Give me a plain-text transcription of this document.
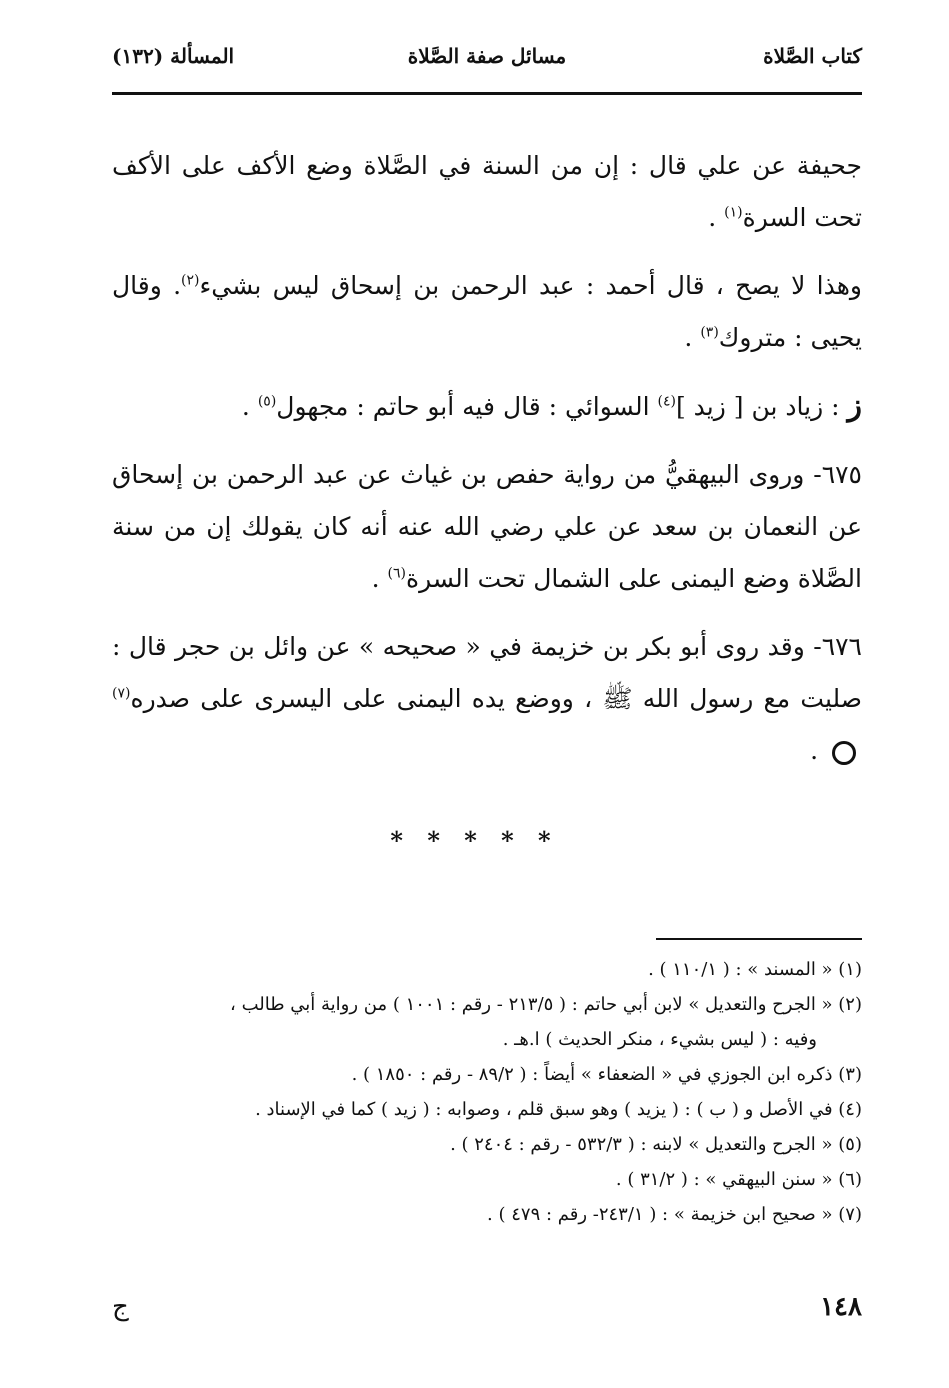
كتاب الصَّلاة
مسائل صفة الصَّلاة
المسألة (١٣٢)

جحيفة عن علي قال : إن من السنة في الصَّلاة وضع الأكف على الأكف تحت السرة$^{(١)}$ .

وهذا لا يصح ، قال أحمد : عبد الرحمن بن إسحاق ليس بشيء$^{(٢)}$. وقال يحيى : متروك$^{(٣)}$ .

ز : زياد بن [ زيد ]$^{(٤)}$ السوائي : قال فيه أبو حاتم : مجهول$^{(٥)}$ .

٦٧٥- وروى البيهقيُّ من رواية حفص بن غياث عن عبد الرحمن بن إسحاق عن النعمان بن سعد عن علي رضي الله عنه أنه كان يقولك إن من سنة الصَّلاة وضع اليمنى على الشمال تحت السرة$^{(٦)}$ .

٦٧٦- وقد روى أبو بكر بن خزيمة في « صحيحه » عن وائل بن حجر قال : صليت مع رسول الله ﷺ ، ووضع يده اليمنى على اليسرى على صدره$^{(٧)}$ .

* * * * *

(١) « المسند » : ( ١١٠/١ ) .

(٢) « الجرح والتعديل » لابن أبي حاتم : ( ٢١٣/٥ - رقم : ١٠٠١ ) من رواية أبي طالب ،

وفيه : ( ليس بشيء ، منكر الحديث ) ا.هـ .

(٣) ذكره ابن الجوزي في « الضعفاء » أيضاً : ( ٨٩/٢ - رقم : ١٨٥٠ ) .

(٤) في الأصل و ( ب ) : ( يزيد ) وهو سبق قلم ، وصوابه : ( زيد ) كما في الإسناد .

(٥) « الجرح والتعديل » لابنه : ( ٥٣٢/٣ - رقم : ٢٤٠٤ ) .

(٦) « سنن البيهقي » : ( ٣١/٢ ) .

(٧) « صحيح ابن خزيمة » : ( ٢٤٣/١- رقم : ٤٧٩ ) .

١٤٨
ج
